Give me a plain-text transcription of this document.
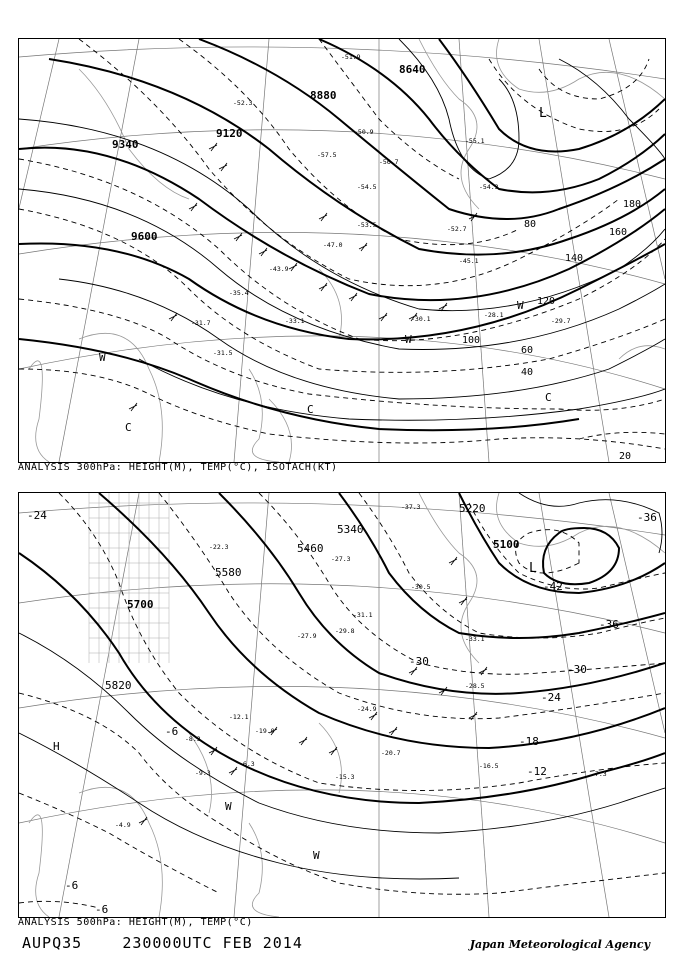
9600
9340
9120
8880
8640
20
40
60
80
100
120
140
160
180
-51.9
-52.7
-50.9
-54.5
-53.5
-47.0
-45.1
-43.9
-31.7
-31.5
-35.4
-33.1	-29.7
-28.1
-30.1
-52.3
-54.3
-57.5
-56.7
-55.1
W
W
W
C
C
C
L
ANALYSIS 300hPa: HEIGHT(M), TEMP(°C), ISOTACH(KT)
5820
5700
5580
5460
5340
5220
5100
-6
-6
-6
-12
-18
-24
-30
-30
-36
-36
-42
-24
-27.3
-27.9
-29.8
-30.5
-31.1
-33.1
-24.9
-20.7
-16.5
-15.3
-12.1
-9.3
-6.3
-8.3
-4.9
-7.3
-19.0
-22.3
-37.3
-28.5
H
W
W
L
ANALYSIS 500hPa: HEIGHT(M), TEMP(°C)
AUPQ35	230000UTC FEB 2014	Japan Meteorological Agency
